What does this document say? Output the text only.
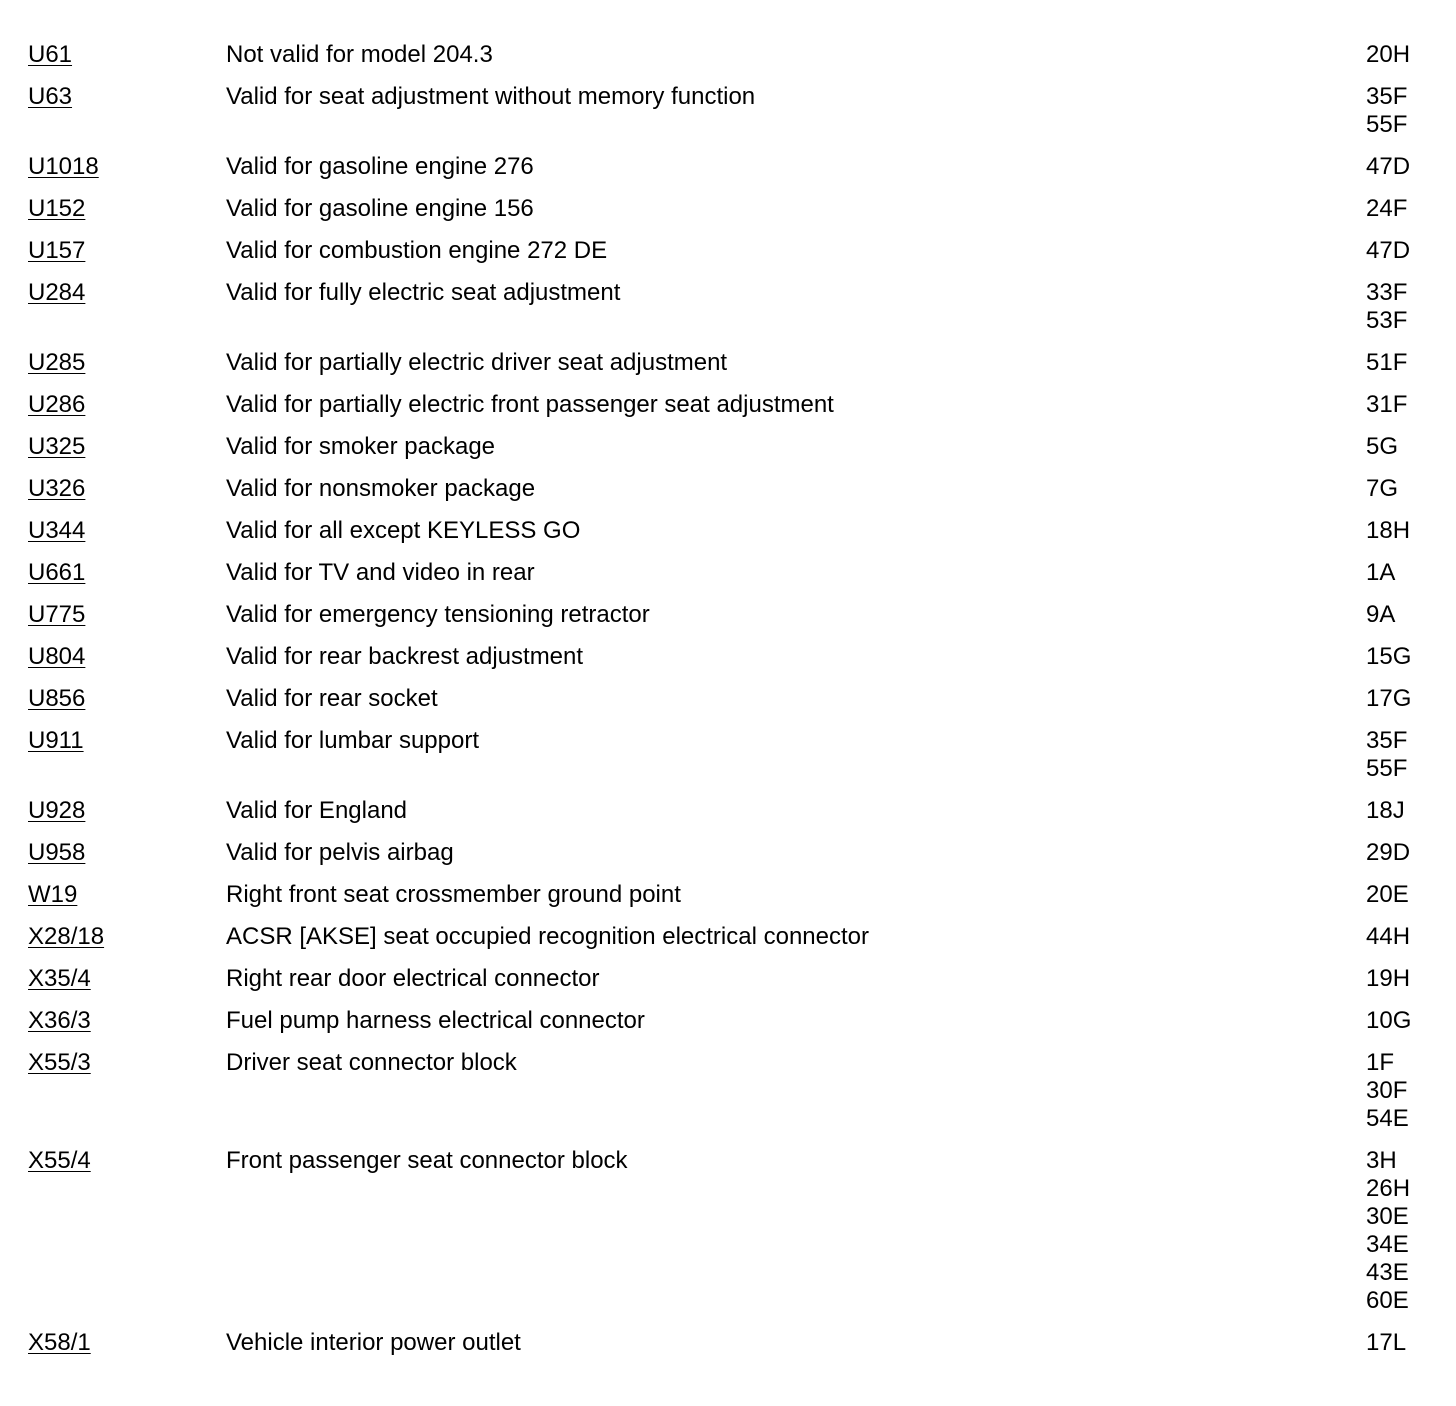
U61	Not valid for model 204.3	20H
U63	Valid for seat adjustment without memory function	35F
55F
U1018	Valid for gasoline engine 276	47D
U152	Valid for gasoline engine 156	24F
U157	Valid for combustion engine 272 DE	47D
U284	Valid for fully electric seat adjustment	33F
53F
U285	Valid for partially electric driver seat adjustment	51F
U286	Valid for partially electric front passenger seat adjustment	31F
U325	Valid for smoker package	5G
U326	Valid for nonsmoker package	7G
U344	Valid for all except KEYLESS GO	18H
U661	Valid for TV and video in rear	1A
U775	Valid for emergency tensioning retractor	9A
U804	Valid for rear backrest adjustment	15G
U856	Valid for rear socket	17G
U911	Valid for lumbar support	35F
55F
U928	Valid for England	18J
U958	Valid for pelvis airbag	29D
W19	Right front seat crossmember ground point	20E
X28/18	ACSR [AKSE] seat occupied recognition electrical connector	44H
X35/4	Right rear door electrical connector	19H
X36/3	Fuel pump harness electrical connector	10G
X55/3	Driver seat connector block	1F
30F
54E
X55/4	Front passenger seat connector block	3H
26H
30E
34E
43E
60E
X58/1	Vehicle interior power outlet	17L
